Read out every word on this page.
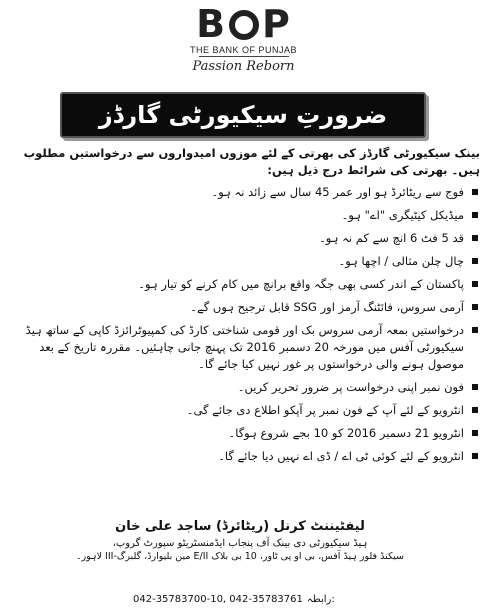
B P
THE BANK OF PUNJAB
Passion Reborn
ضرورتِ سیکیورٹی گارڈز

بینک سیکیورٹی گارڈز کی بھرتی کے لئے موزوں امیدواروں سے درخواستیں مطلوب ہیں۔ بھرتی کی شرائط درج ذیل ہیں:

فوج سے ریٹائرڈ ہو اور عمر 45 سال سے زائد نہ ہو۔
میڈیکل کیٹیگری "اے" ہو۔
قد 5 فٹ 6 انچ سے کم نہ ہو۔
چال چلن مثالی / اچھا ہو۔
پاکستان کے اندر کسی بھی جگہ واقع برانچ میں کام کرنے کو تیار ہو۔
آرمی سروس، فائٹنگ آرمز اور SSG قابل ترجیح ہوں گے۔
درخواستیں بمعہ آرمی سروس بک اور قومی شناختی کارڈ کی کمپیوٹرائزڈ کاپی کے ساتھ ہیڈ سیکیورٹی آفس میں مورخہ 20 دسمبر 2016 تک پہنچ جانی چاہئیں۔ مقررہ تاریخ کے بعد موصول ہونے والی درخواستوں پر غور نہیں کیا جائے گا۔
فون نمبر اپنی درخواست پر ضرور تحریر کریں۔
انٹرویو کے لئے آپ کے فون نمبر پر آپکو اطلاع دی جائے گی۔
انٹرویو 21 دسمبر 2016 کو 10 بجے شروع ہوگا۔
انٹرویو کے لئے کوئی ٹی اے / ڈی اے نہیں دیا جائے گا۔
لیفٹیننٹ کرنل (ریٹائرڈ) ساجد علی خان
ہیڈ سیکیورٹی دی بینک آف پنجاب ایڈمنسٹریٹو سپورٹ گروپ،
سیکنڈ فلور ہیڈ آفس، بی او پی ٹاور، 10 بی بلاک E/II مین بلیوارڈ، گلبرگ-III لاہور۔
042-35783700-10, 042-35783761 رابطہ:
